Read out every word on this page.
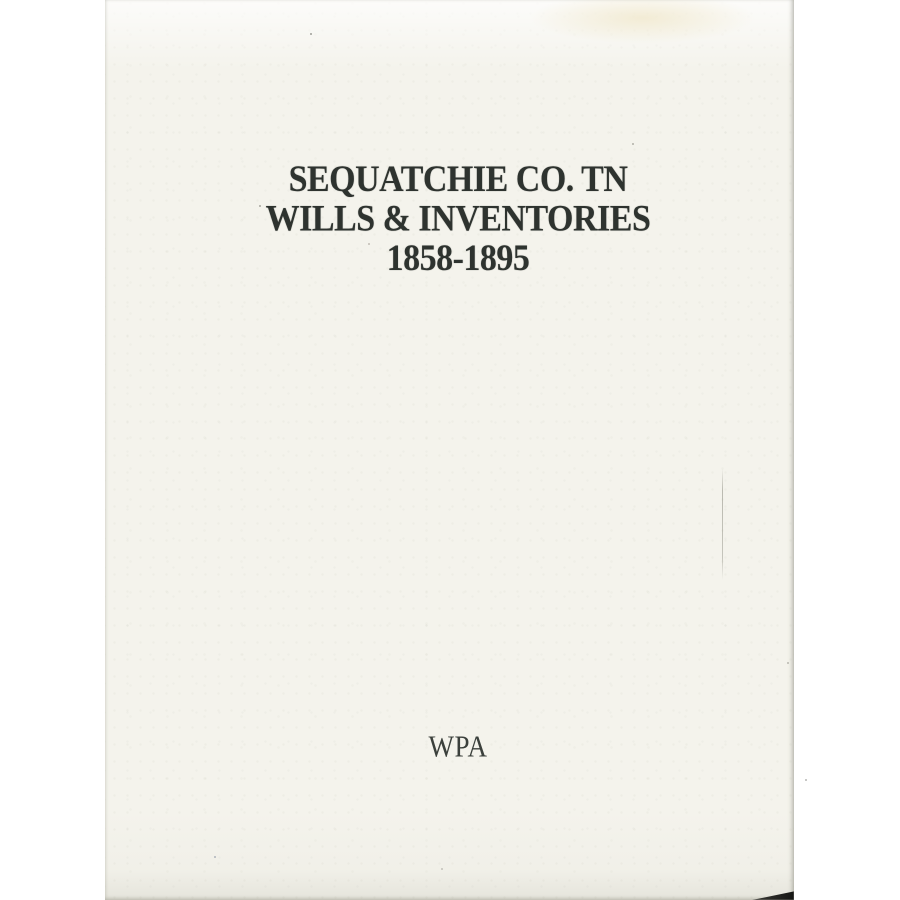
SEQUATCHIE CO. TN
WILLS & INVENTORIES
1858-1895
WPA
